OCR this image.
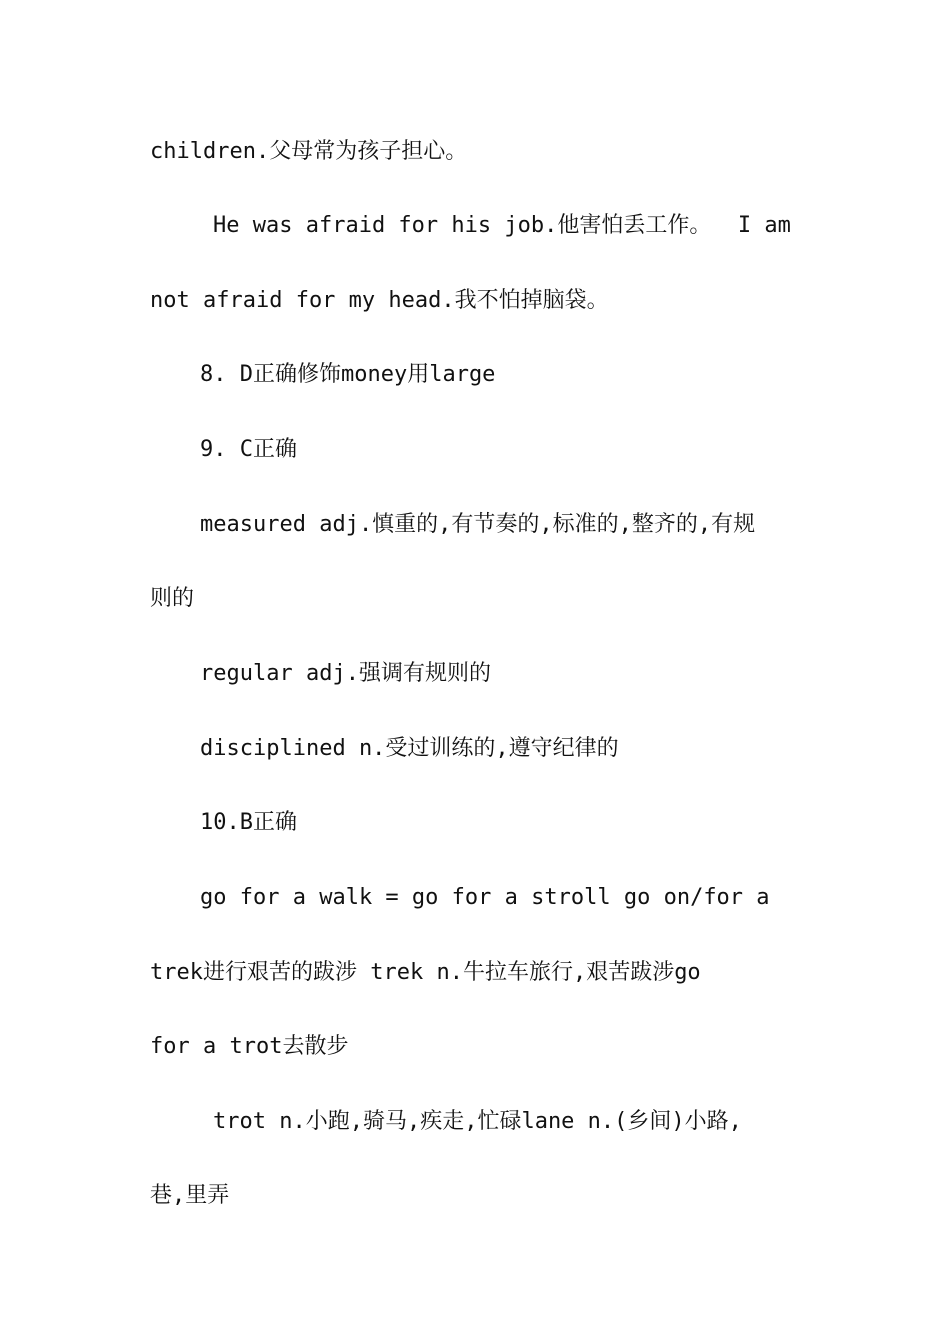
children.父母常为孩子担心。
He was afraid for his job.他害怕丢工作。  I am
not afraid for my head.我不怕掉脑袋。
8. D正确修饰money用large
9. C正确
measured adj.慎重的,有节奏的,标准的,整齐的,有规
则的
regular adj.强调有规则的
disciplined n.受过训练的,遵守纪律的
10.B正确
go for a walk = go for a stroll go on/for a
trek进行艰苦的跋涉 trek n.牛拉车旅行,艰苦跋涉go
for a trot去散步
trot n.小跑,骑马,疾走,忙碌lane n.(乡间)小路,
巷,里弄
